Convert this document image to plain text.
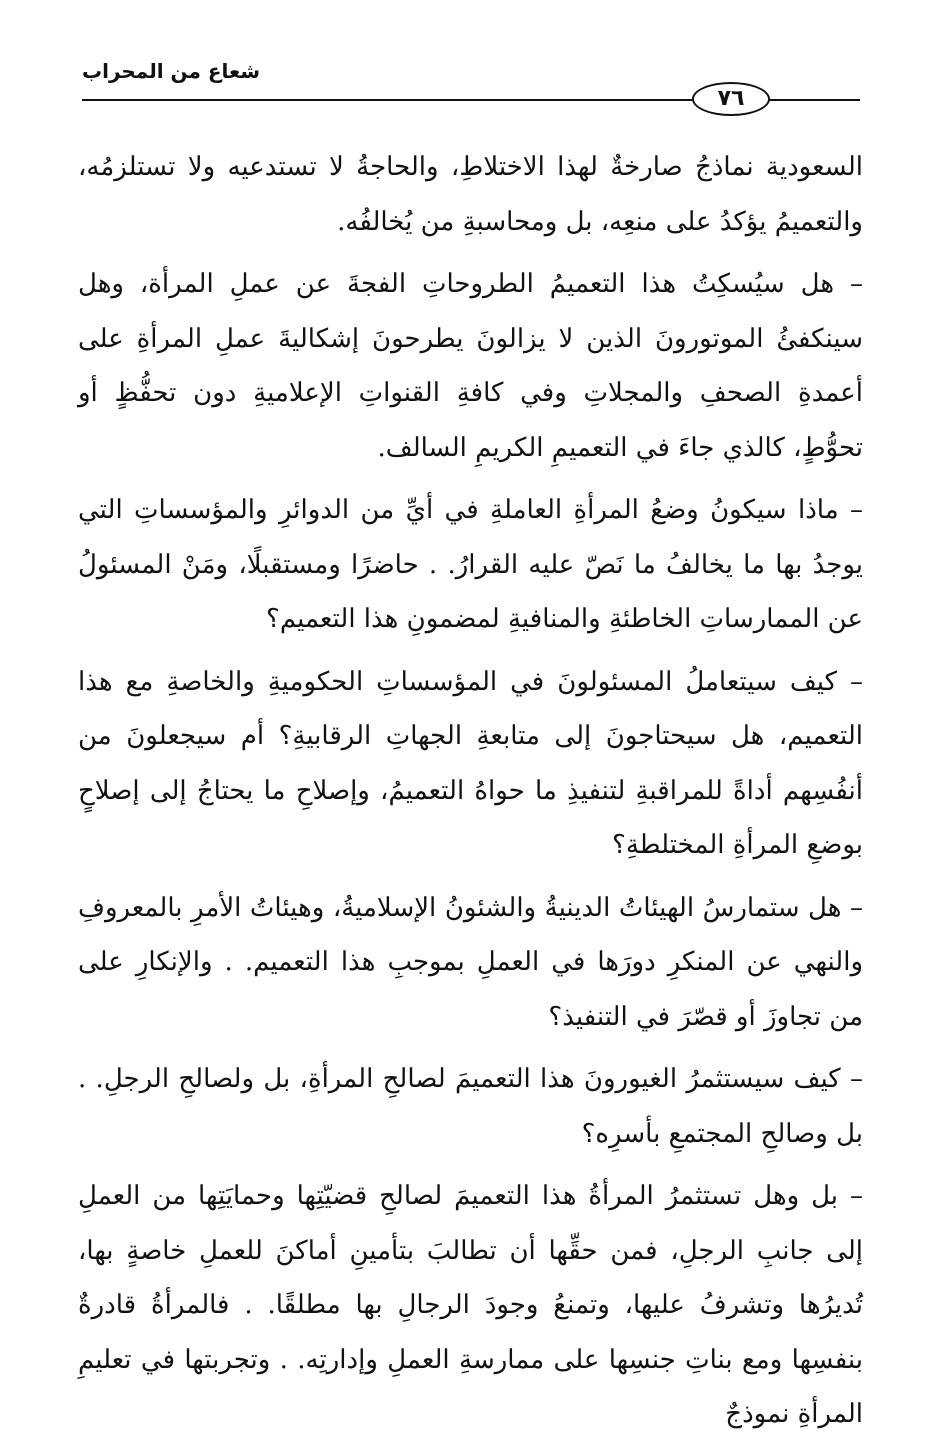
شعاع من المحراب
٧٦

السعودية نماذجُ صارخةٌ لهذا الاختلاطِ، والحاجةُ لا تستدعيه ولا تستلزمُه، والتعميمُ يؤكدُ على منعِه، بل ومحاسبةِ من يُخالفُه.

– هل سيُسكِتُ هذا التعميمُ الطروحاتِ الفجةَ عن عملِ المرأة، وهل سينكفئُ الموتورونَ الذين لا يزالونَ يطرحونَ إشكاليةَ عملِ المرأةِ على أعمدةِ الصحفِ والمجلاتِ وفي كافةِ القنواتِ الإعلاميةِ دون تحفُّظٍ أو تحوُّطٍ، كالذي جاءَ في التعميمِ الكريمِ السالف.

– ماذا سيكونُ وضعُ المرأةِ العاملةِ في أيِّ من الدوائرِ والمؤسساتِ التي يوجدُ بها ما يخالفُ ما نَصّ عليه القرارُ. . حاضرًا ومستقبلًا، ومَنْ المسئولُ عن الممارساتِ الخاطئةِ والمنافيةِ لمضمونِ هذا التعميم؟

– كيف سيتعاملُ المسئولونَ في المؤسساتِ الحكوميةِ والخاصةِ مع هذا التعميم، هل سيحتاجونَ إلى متابعةِ الجهاتِ الرقابيةِ؟ أم سيجعلونَ من أنفُسِهم أداةً للمراقبةِ لتنفيذِ ما حواهُ التعميمُ، وإصلاحِ ما يحتاجُ إلى إصلاحٍ بوضعِ المرأةِ المختلطةِ؟

– هل ستمارسُ الهيئاتُ الدينيةُ والشئونُ الإسلاميةُ، وهيئاتُ الأمرِ بالمعروفِ والنهي عن المنكرِ دورَها في العملِ بموجبِ هذا التعميم. . والإنكارِ على من تجاوزَ أو قصّرَ في التنفيذ؟

– كيف سيستثمرُ الغيورونَ هذا التعميمَ لصالحِ المرأةِ، بل ولصالحِ الرجلِ. . بل وصالحِ المجتمعِ بأسرِه؟

– بل وهل تستثمرُ المرأةُ هذا التعميمَ لصالحِ قضيّتِها وحمايَتِها من العملِ إلى جانبِ الرجلِ، فمن حقِّها أن تطالبَ بتأمينِ أماكنَ للعملِ خاصةٍ بها، تُديرُها وتشرفُ عليها، وتمنعُ وجودَ الرجالِ بها مطلقًا. . فالمرأةُ قادرةٌ بنفسِها ومع بناتِ جنسِها على ممارسةِ العملِ وإدارتِه. . وتجربتها في تعليمِ المرأةِ نموذجٌ
